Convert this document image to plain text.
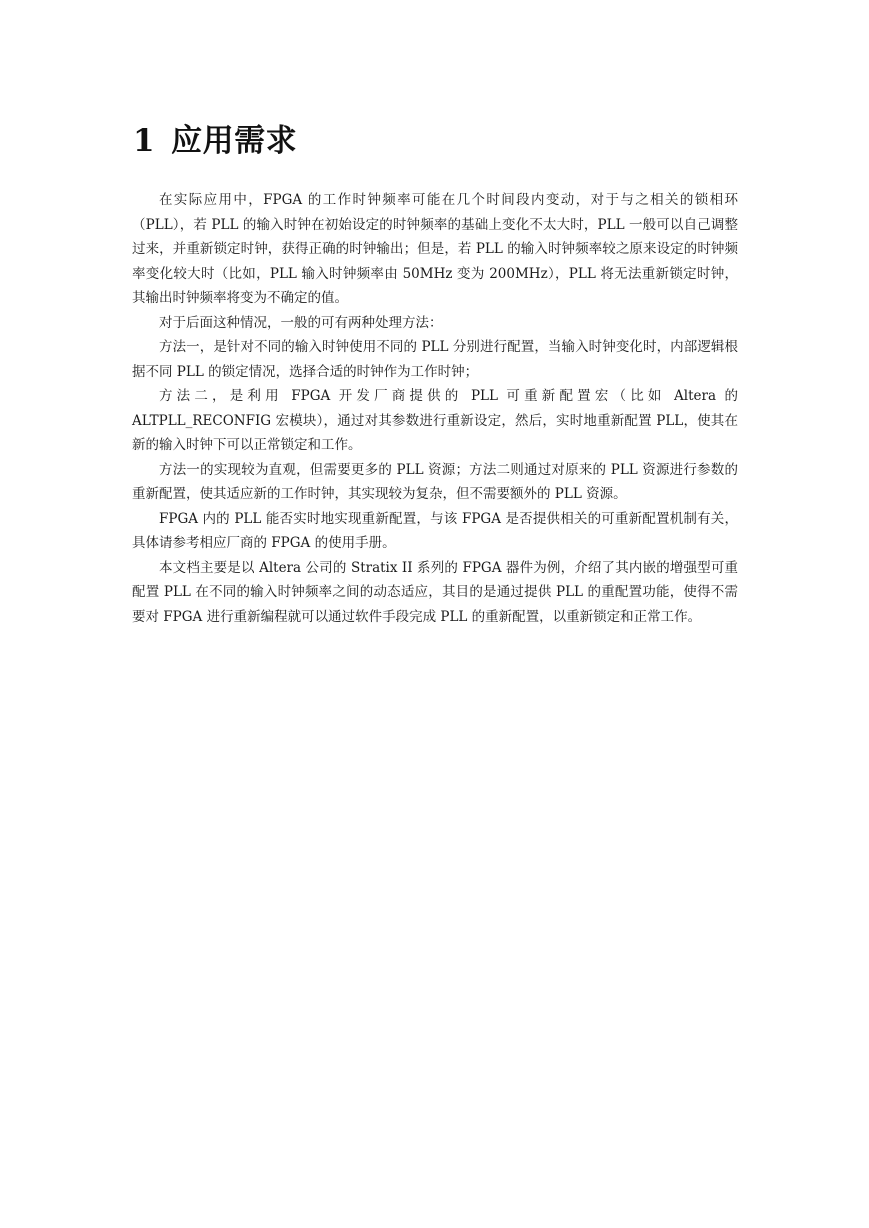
1 应用需求

在实际应用中，FPGA 的工作时钟频率可能在几个时间段内变动，对于与之相关的锁相环（PLL），若 PLL 的输入时钟在初始设定的时钟频率的基础上变化不太大时，PLL 一般可以自己调整过来，并重新锁定时钟，获得正确的时钟输出；但是，若 PLL 的输入时钟频率较之原来设定的时钟频率变化较大时（比如，PLL 输入时钟频率由 50MHz 变为 200MHz），PLL 将无法重新锁定时钟，其输出时钟频率将变为不确定的值。

对于后面这种情况，一般的可有两种处理方法：

方法一，是针对不同的输入时钟使用不同的 PLL 分别进行配置，当输入时钟变化时，内部逻辑根据不同 PLL 的锁定情况，选择合适的时钟作为工作时钟；

方法二，是利用 FPGA 开发厂商提供的 PLL 可重新配置宏（比如 Altera 的 ALTPLL_RECONFIG 宏模块），通过对其参数进行重新设定，然后，实时地重新配置 PLL，使其在新的输入时钟下可以正常锁定和工作。

方法一的实现较为直观，但需要更多的 PLL 资源；方法二则通过对原来的 PLL 资源进行参数的重新配置，使其适应新的工作时钟，其实现较为复杂，但不需要额外的 PLL 资源。

FPGA 内的 PLL 能否实时地实现重新配置，与该 FPGA 是否提供相关的可重新配置机制有关，具体请参考相应厂商的 FPGA 的使用手册。

本文档主要是以 Altera 公司的 Stratix II 系列的 FPGA 器件为例，介绍了其内嵌的增强型可重配置 PLL 在不同的输入时钟频率之间的动态适应，其目的是通过提供 PLL 的重配置功能，使得不需要对 FPGA 进行重新编程就可以通过软件手段完成 PLL 的重新配置，以重新锁定和正常工作。
